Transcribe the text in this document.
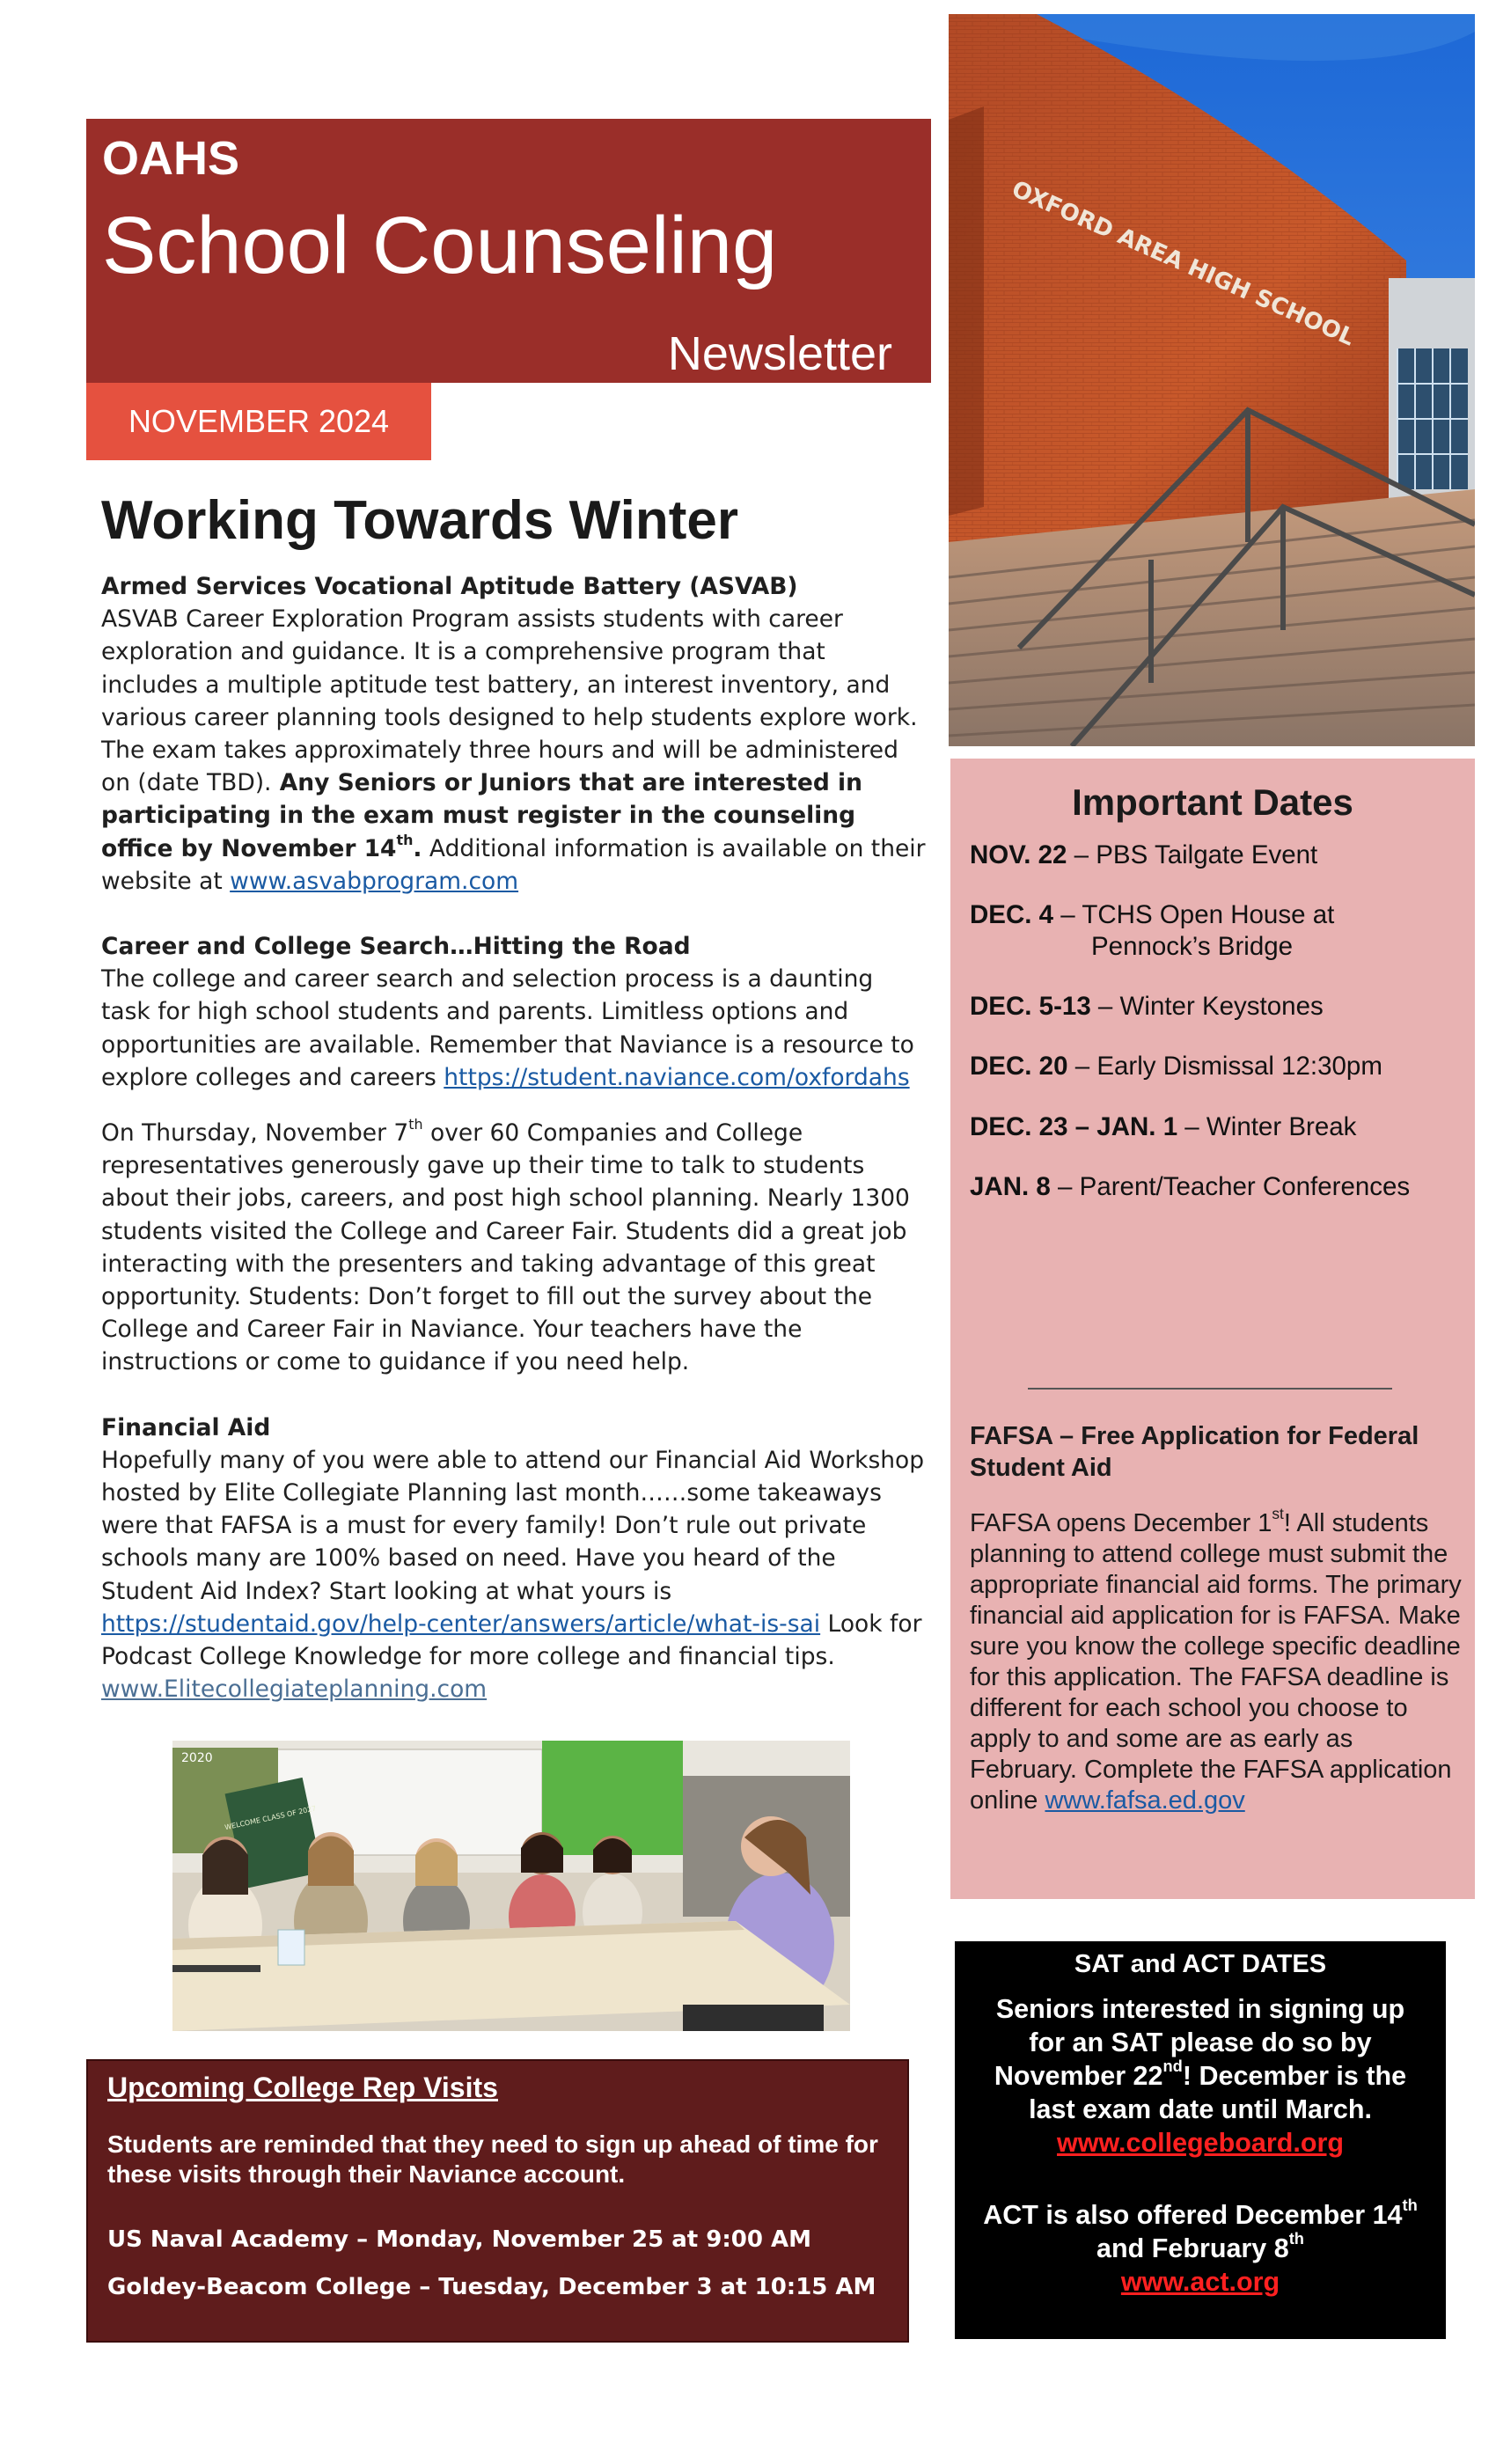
OAHS
School Counseling
Newsletter
NOVEMBER 2024
OXFORD AREA HIGH SCHOOL
Working Towards Winter

Armed Services Vocational Aptitude Battery (ASVAB)

ASVAB Career Exploration Program assists students with career exploration and guidance. It is a comprehensive program that includes a multiple aptitude test battery, an interest inventory, and various career planning tools designed to help students explore work. The exam takes approximately three hours and will be administered on (date TBD). Any Seniors or Juniors that are interested in participating in the exam must register in the counseling office by November 14th. Additional information is available on their website at www.asvabprogram.com

Career and College Search…Hitting the Road

The college and career search and selection process is a daunting task for high school students and parents. Limitless options and opportunities are available. Remember that Naviance is a resource to explore colleges and careers https://student.naviance.com/oxfordahs

On Thursday, November 7th over 60 Companies and College representatives generously gave up their time to talk to students about their jobs, careers, and post high school planning. Nearly 1300 students visited the College and Career Fair. Students did a great job interacting with the presenters and taking advantage of this great opportunity. Students: Don’t forget to fill out the survey about the College and Career Fair in Naviance. Your teachers have the instructions or come to guidance if you need help.

Financial Aid

Hopefully many of you were able to attend our Financial Aid Workshop hosted by Elite Collegiate Planning last month……some takeaways were that FAFSA is a must for every family! Don’t rule out private schools many are 100% based on need. Have you heard of the Student Aid Index? Start looking at what yours is https://studentaid.gov/help-center/answers/article/what-is-sai Look for Podcast College Knowledge for more college and financial tips. www.Elitecollegiateplanning.com

2020
WELCOME CLASS OF 2027
Upcoming College Rep Visits
Students are reminded that they need to sign up ahead of time for these visits through their Naviance account.
US Naval Academy – Monday, November 25 at 9:00 AM
Goldey-Beacom College – Tuesday, December 3 at 10:15 AM
Important Dates
NOV. 22 – PBS Tailgate Event
DEC. 4 – TCHS Open House at
Pennock’s Bridge
DEC. 5-13 – Winter Keystones
DEC. 20 – Early Dismissal 12:30pm
DEC. 23 – JAN. 1 – Winter Break
JAN. 8 – Parent/Teacher Conferences
FAFSA – Free Application for Federal Student Aid
FAFSA opens December 1st! All students planning to attend college must submit the appropriate financial aid forms. The primary financial aid application for is FAFSA. Make sure you know the college specific deadline for this application. The FAFSA deadline is different for each school you choose to apply to and some are as early as February. Complete the FAFSA application online www.fafsa.ed.gov
SAT and ACT DATES
Seniors interested in signing up for an SAT please do so by November 22nd! December is the last exam date until March. www.collegeboard.org
ACT is also offered December 14th and February 8th
www.act.org
